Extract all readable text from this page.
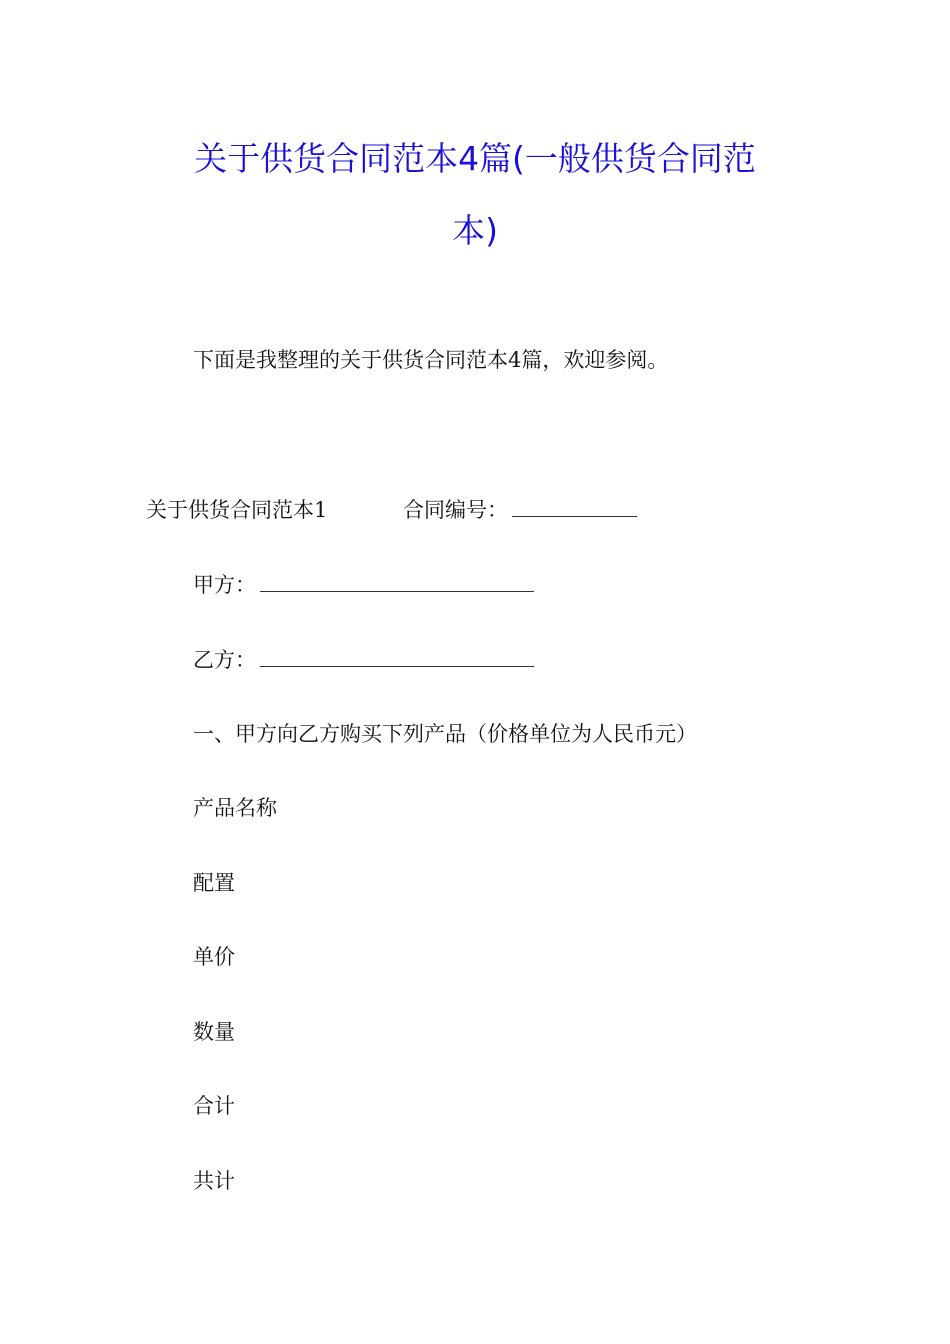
关于供货合同范本4篇(一般供货合同范
本)
下面是我整理的关于供货合同范本4篇，欢迎参阅。
关于供货合同范本1	合同编号：
甲方：
乙方：
一、甲方向乙方购买下列产品（价格单位为人民币元）
产品名称
配置
单价
数量
合计
共计
